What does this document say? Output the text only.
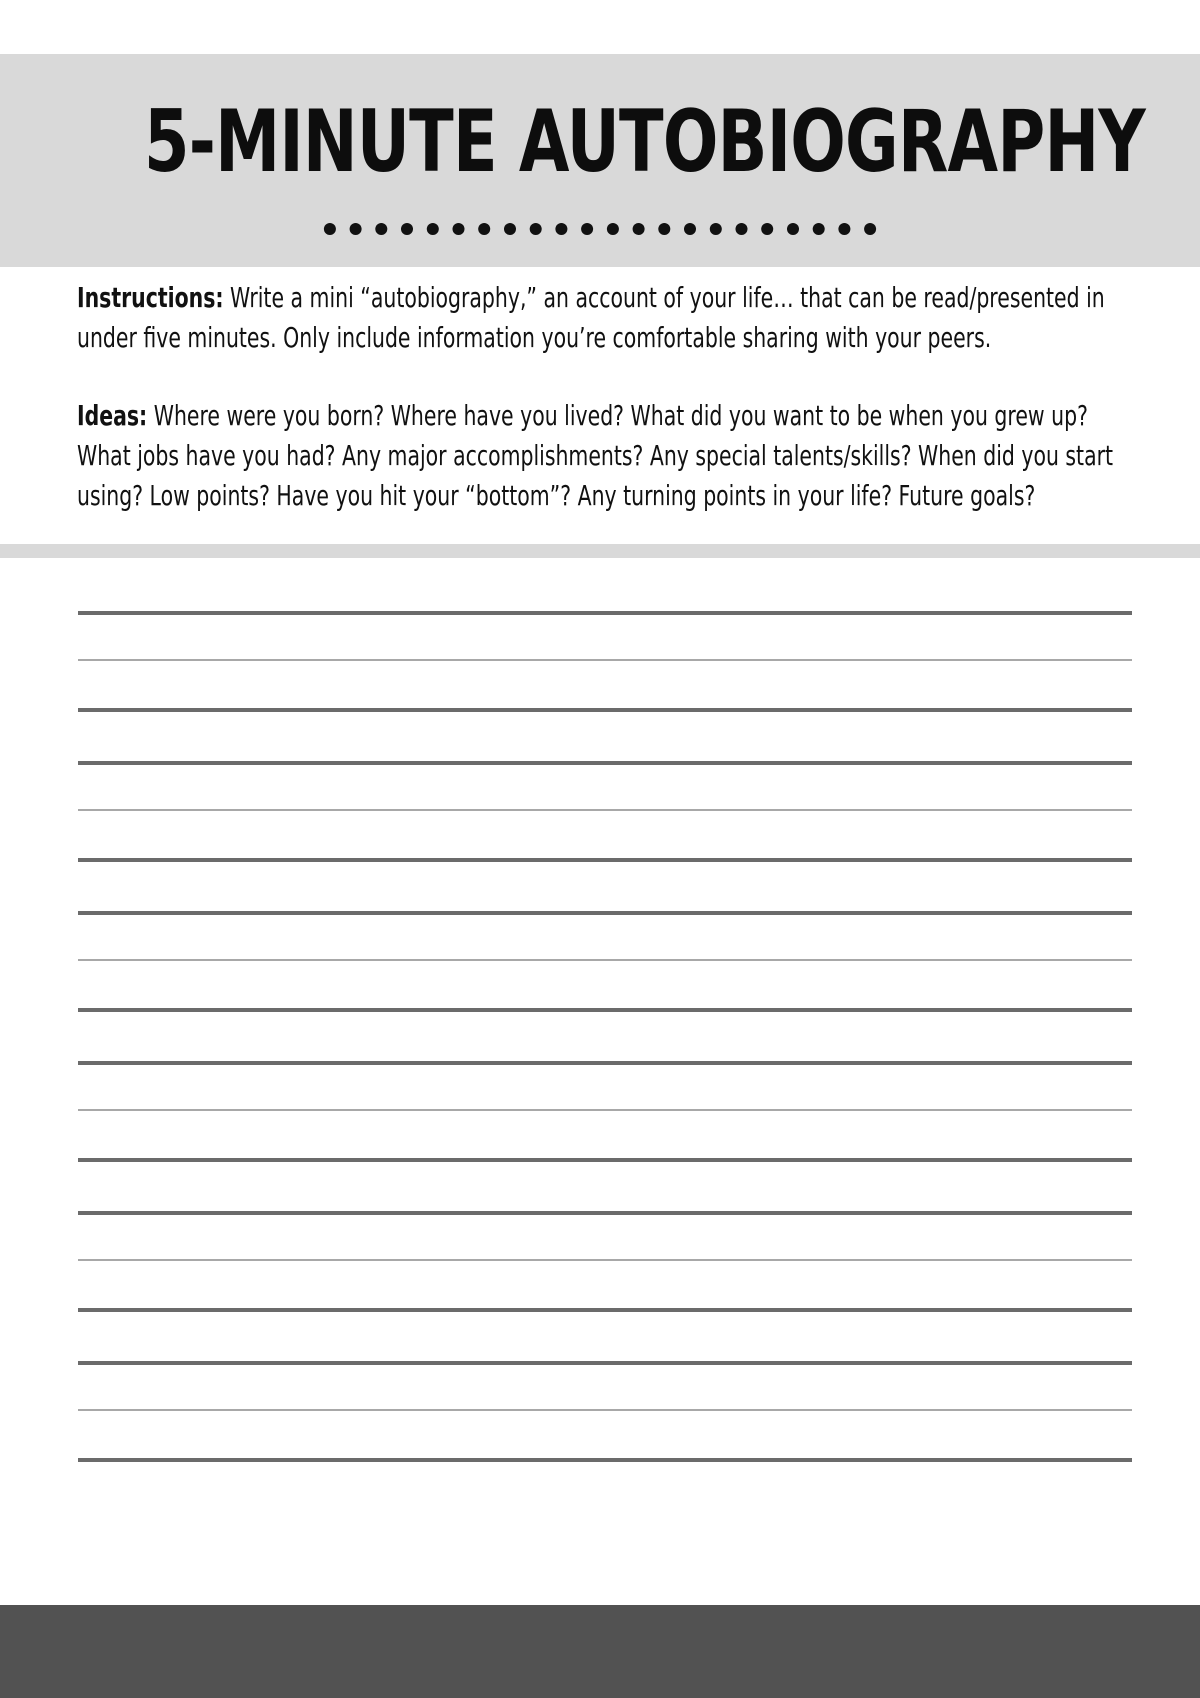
5-MINUTE AUTOBIOGRAPHY

Instructions: Write a mini “autobiography,” an account of your life… that can be read/presented in under five minutes. Only include information you’re comfortable sharing with your peers.

Ideas: Where were you born? Where have you lived? What did you want to be when you grew up? What jobs have you had? Any major accomplishments? Any special talents/skills? When did you start using? Low points? Have you hit your “bottom”? Any turning points in your life? Future goals?
